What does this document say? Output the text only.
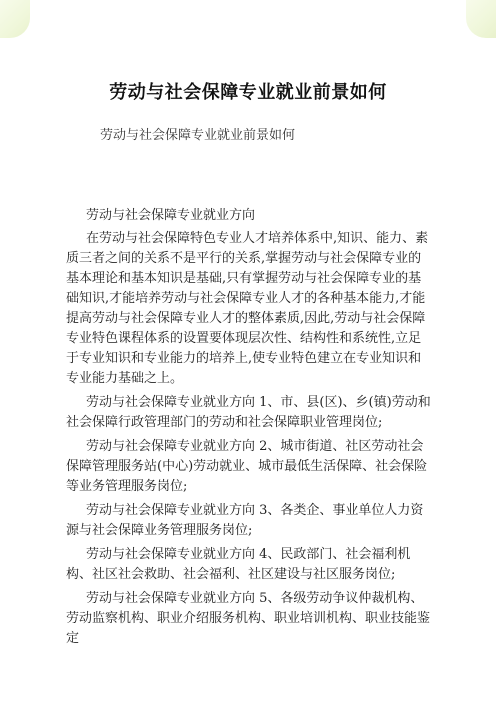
劳动与社会保障专业就业前景如何
劳动与社会保障专业就业前景如何
劳动与社会保障专业就业方向

在劳动与社会保障特色专业人才培养体系中,知识、能力、素质三者之间的关系不是平行的关系,掌握劳动与社会保障专业的基本理论和基本知识是基础,只有掌握劳动与社会保障专业的基础知识,才能培养劳动与社会保障专业人才的各种基本能力,才能提高劳动与社会保障专业人才的整体素质,因此,劳动与社会保障专业特色课程体系的设置要体现层次性、结构性和系统性,立足于专业知识和专业能力的培养上,使专业特色建立在专业知识和专业能力基础之上。

劳动与社会保障专业就业方向 1、市、县(区)、乡(镇)劳动和社会保障行政管理部门的劳动和社会保障职业管理岗位;

劳动与社会保障专业就业方向 2、城市街道、社区劳动社会保障管理服务站(中心)劳动就业、城市最低生活保障、社会保险等业务管理服务岗位;

劳动与社会保障专业就业方向 3、各类企、事业单位人力资源与社会保障业务管理服务岗位;

劳动与社会保障专业就业方向 4、民政部门、社会福利机构、社区社会救助、社会福利、社区建设与社区服务岗位;

劳动与社会保障专业就业方向 5、各级劳动争议仲裁机构、劳动监察机构、职业介绍服务机构、职业培训机构、职业技能鉴定
